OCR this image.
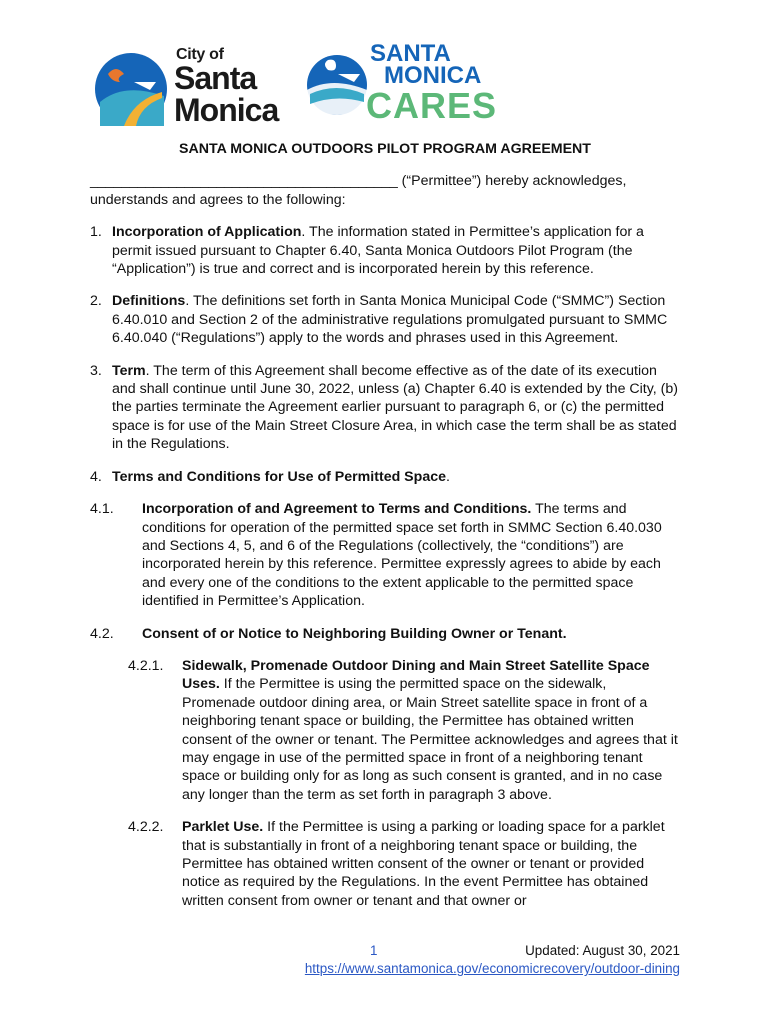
City of
Santa
Monica
SANTA
MONICA
CARES
SANTA MONICA OUTDOORS PILOT PROGRAM AGREEMENT

_______________________________________ (“Permittee”) hereby acknowledges, understands and agrees to the following:

1. Incorporation of Application. The information stated in Permittee’s application for a permit issued pursuant to Chapter 6.40, Santa Monica Outdoors Pilot Program (the “Application”) is true and correct and is incorporated herein by this reference.
2. Definitions. The definitions set forth in Santa Monica Municipal Code (“SMMC”) Section 6.40.010 and Section 2 of the administrative regulations promulgated pursuant to SMMC 6.40.040 (“Regulations”) apply to the words and phrases used in this Agreement.
3. Term. The term of this Agreement shall become effective as of the date of its execution and shall continue until June 30, 2022, unless (a) Chapter 6.40 is extended by the City, (b) the parties terminate the Agreement earlier pursuant to paragraph 6, or (c) the permitted space is for use of the Main Street Closure Area, in which case the term shall be as stated in the Regulations.
4. Terms and Conditions for Use of Permitted Space.
4.1. Incorporation of and Agreement to Terms and Conditions. The terms and conditions for operation of the permitted space set forth in SMMC Section 6.40.030 and Sections 4, 5, and 6 of the Regulations (collectively, the “conditions”) are incorporated herein by this reference. Permittee expressly agrees to abide by each and every one of the conditions to the extent applicable to the permitted space identified in Permittee’s Application.
4.2. Consent of or Notice to Neighboring Building Owner or Tenant.
4.2.1. Sidewalk, Promenade Outdoor Dining and Main Street Satellite Space Uses. If the Permittee is using the permitted space on the sidewalk, Promenade outdoor dining area, or Main Street satellite space in front of a neighboring tenant space or building, the Permittee has obtained written consent of the owner or tenant. The Permittee acknowledges and agrees that it may engage in use of the permitted space in front of a neighboring tenant space or building only for as long as such consent is granted, and in no case any longer than the term as set forth in paragraph 3 above.
4.2.2. Parklet Use. If the Permittee is using a parking or loading space for a parklet that is substantially in front of a neighboring tenant space or building, the Permittee has obtained written consent of the owner or tenant or provided notice as required by the Regulations. In the event Permittee has obtained written consent from owner or tenant and that owner or
1	Updated: August 30, 2021
https://www.santamonica.gov/economicrecovery/outdoor-dining
